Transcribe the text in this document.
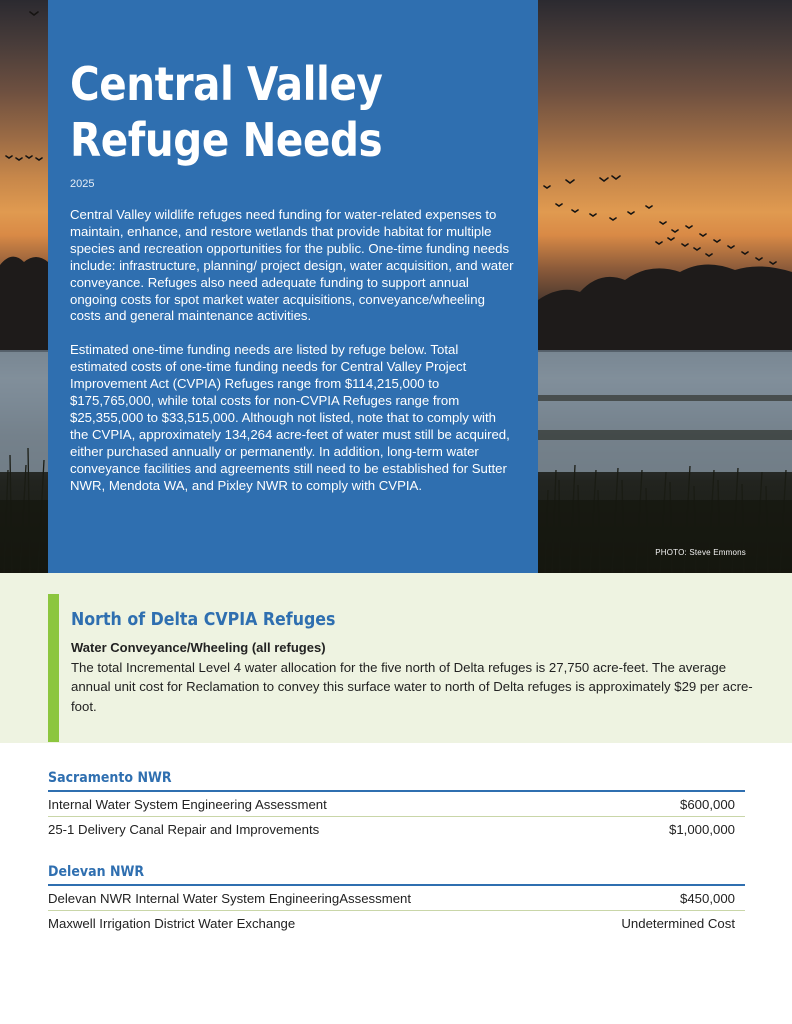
Central Valley
Refuge Needs
2025

Central Valley wildlife refuges need funding for water-related expenses to maintain, enhance, and restore wetlands that provide habitat for multiple species and recreation opportunities for the public. One-time funding needs include: infrastructure, planning/ project design, water acquisition, and water conveyance. Refuges also need adequate funding to support annual ongoing costs for spot market water acquisitions, conveyance/wheeling costs and general maintenance activities.

Estimated one-time funding needs are listed by refuge below. Total estimated costs of one-time funding needs for Central Valley Project Improvement Act (CVPIA) Refuges range from $114,215,000 to $175,765,000, while total costs for non-CVPIA Refuges range from $25,355,000 to $33,515,000. Although not listed, note that to comply with the CVPIA, approximately 134,264 acre-feet of water must still be acquired, either purchased annually or permanently. In addition, long-term water conveyance facilities and agreements still need to be established for Sutter NWR, Mendota WA, and Pixley NWR to comply with CVPIA.

PHOTO: Steve Emmons
North of Delta CVPIA Refuges
Water Conveyance/Wheeling (all refuges)

The total Incremental Level 4 water allocation for the five north of Delta refuges is 27,750 acre-feet. The average annual unit cost for Reclamation to convey this surface water to north of Delta refuges is approximately $29 per acre-foot.

Sacramento NWR
Internal Water System Engineering Assessment	$600,000
25-1 Delivery Canal Repair and Improvements	$1,000,000
Delevan NWR
Delevan NWR Internal Water System EngineeringAssessment	$450,000
Maxwell Irrigation District Water Exchange	Undetermined Cost
